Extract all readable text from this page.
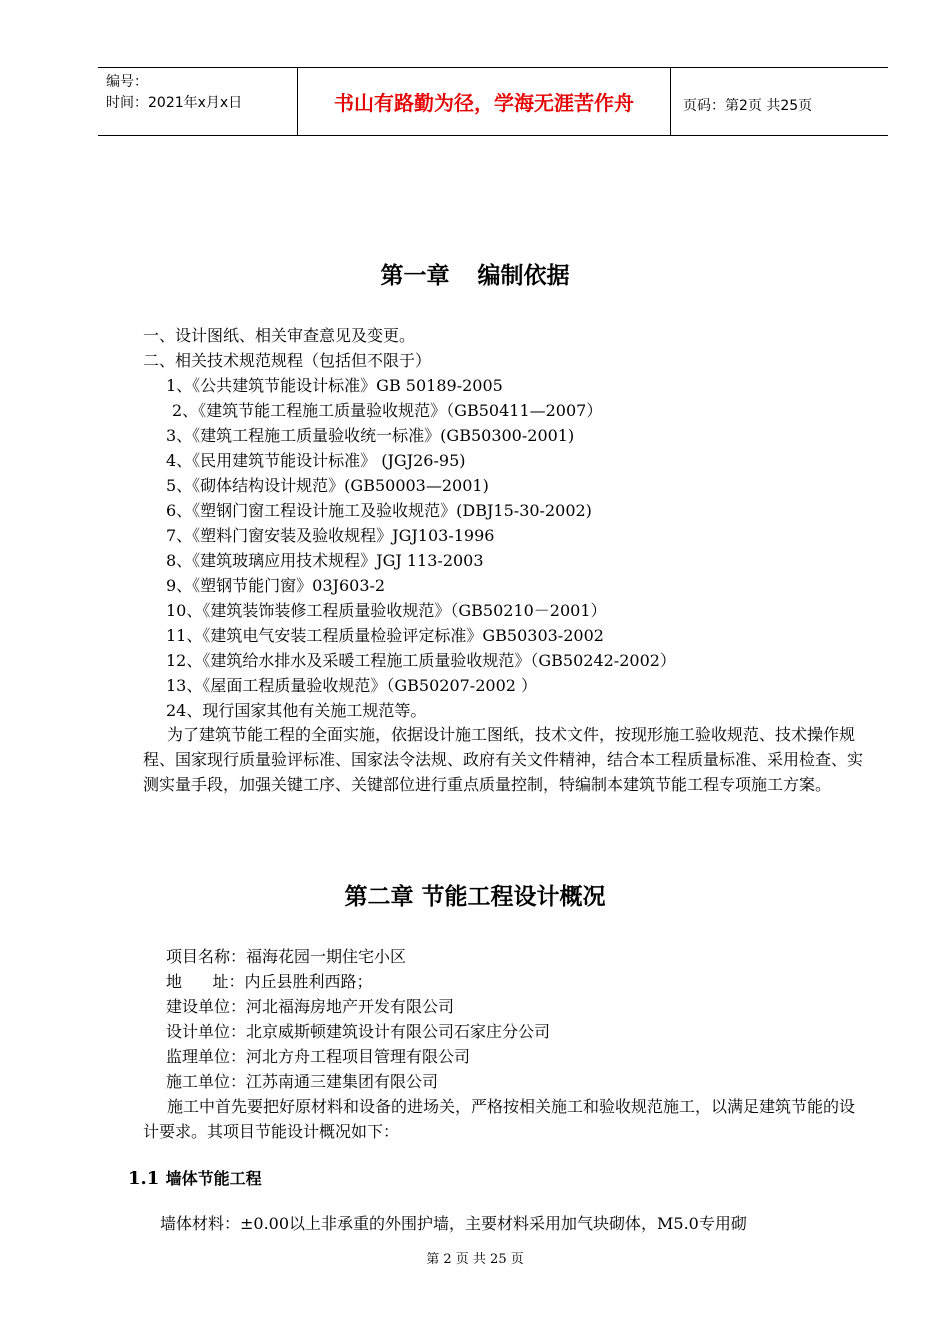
编号：
时间：2021年x月x日	书山有路勤为径，学海无涯苦作舟	页码：第2页 共25页
第一章 编制依据
一、设计图纸、相关审查意见及变更。
二、相关技术规范规程（包括但不限于）
1、《公共建筑节能设计标准》GB 50189-2005
2、《建筑节能工程施工质量验收规范》（GB50411—2007）
3、《建筑工程施工质量验收统一标准》(GB50300-2001)
4、《民用建筑节能设计标准》 (JGJ26-95)
5、《砌体结构设计规范》(GB50003—2001)
6、《塑钢门窗工程设计施工及验收规范》(DBJ15-30-2002)
7、《塑料门窗安装及验收规程》JGJ103-1996
8、《建筑玻璃应用技术规程》JGJ 113-2003
9、《塑钢节能门窗》03J603-2
10、《建筑装饰装修工程质量验收规范》（GB50210－2001）
11、《建筑电气安装工程质量检验评定标准》GB50303-2002
12、《建筑给水排水及采暖工程施工质量验收规范》（GB50242-2002）
13、《屋面工程质量验收规范》（GB50207-2002 ）
24、现行国家其他有关施工规范等。
为了建筑节能工程的全面实施，依据设计施工图纸，技术文件，按现形施工验收规范、技术操作规程、国家现行质量验评标准、国家法令法规、政府有关文件精神，结合本工程质量标准、采用检查、实测实量手段，加强关键工序、关键部位进行重点质量控制，特编制本建筑节能工程专项施工方案。
第二章 节能工程设计概况
项目名称：福海花园一期住宅小区
地      址：内丘县胜利西路；
建设单位：河北福海房地产开发有限公司
设计单位：北京威斯顿建筑设计有限公司石家庄分公司
监理单位：河北方舟工程项目管理有限公司
施工单位：江苏南通三建集团有限公司
施工中首先要把好原材料和设备的进场关，严格按相关施工和验收规范施工，以满足建筑节能的设计要求。其项目节能设计概况如下：
1.1 墙体节能工程
墙体材料：±0.00以上非承重的外围护墙，主要材料采用加气块砌体，M5.0专用砌
第 2 页 共 25 页
